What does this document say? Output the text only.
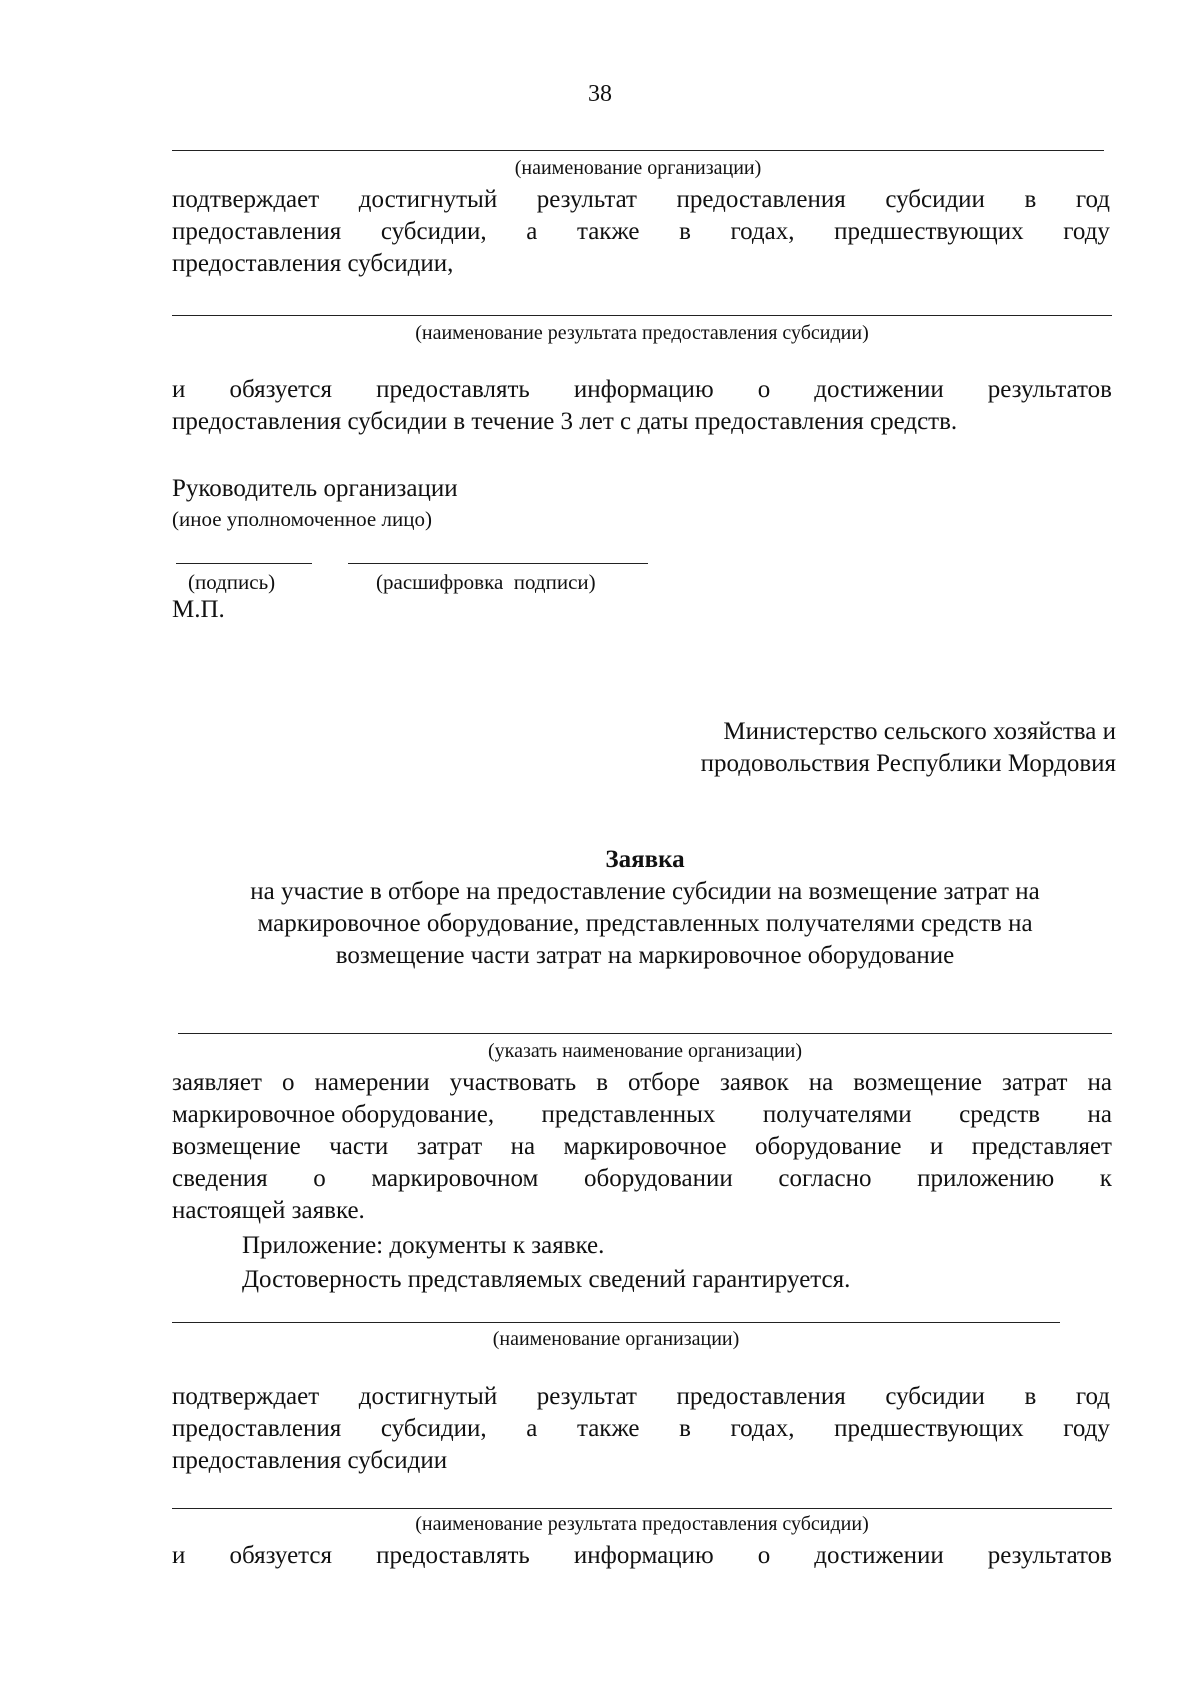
38
(наименование организации)
подтверждает достигнутый результат предоставления субсидии в год
предоставления субсидии, а также в годах, предшествующих году
предоставления субсидии,
(наименование результата предоставления субсидии)
и обязуется предоставлять информацию о достижении результатов
предоставления субсидии в течение 3 лет с даты предоставления средств.
Руководитель организации
(иное уполномоченное лицо)
(подпись)	(расшифровка  подписи)
М.П.
Министерство сельского хозяйства и
продовольствия Республики Мордовия
Заявка
на участие в отборе на предоставление субсидии на возмещение затрат на
маркировочное оборудование, представленных получателями средств на
возмещение части затрат на маркировочное оборудование
(указать наименование организации)
заявляет о намерении участвовать в отборе заявок на возмещение затрат на
маркировочное оборудование, представленных получателями средств на
возмещение части затрат на маркировочное оборудование и представляет
сведения о маркировочном оборудовании согласно приложению к
настоящей заявке.
Приложение: документы к заявке.
Достоверность представляемых сведений гарантируется.
(наименование организации)
подтверждает достигнутый результат предоставления субсидии в год
предоставления субсидии, а также в годах, предшествующих году
предоставления субсидии
(наименование результата предоставления субсидии)
и обязуется предоставлять информацию о достижении результатов
